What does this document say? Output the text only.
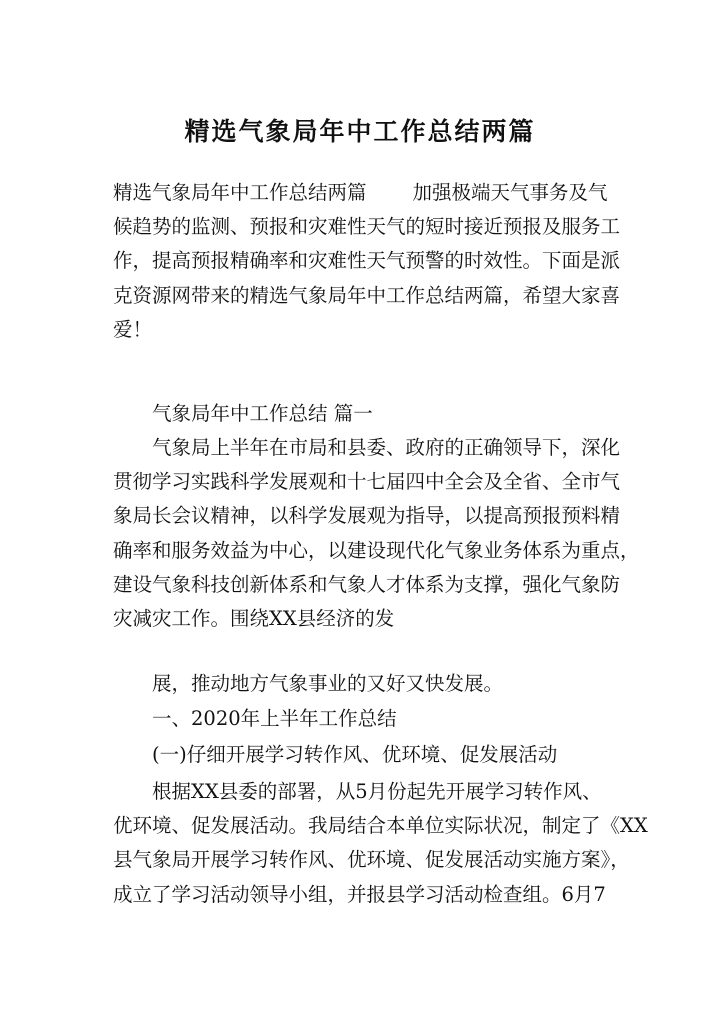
精选气象局年中工作总结两篇
精选气象局年中工作总结两篇 加强极端天气事务及气
候趋势的监测、预报和灾难性天气的短时接近预报及服务工
作，提高预报精确率和灾难性天气预警的时效性。下面是派
克资源网带来的精选气象局年中工作总结两篇，希望大家喜
爱！
气象局年中工作总结 篇一
气象局上半年在市局和县委、政府的正确领导下，深化
贯彻学习实践科学发展观和十七届四中全会及全省、全市气
象局长会议精神，以科学发展观为指导，以提高预报预料精
确率和服务效益为中心，以建设现代化气象业务体系为重点，
建设气象科技创新体系和气象人才体系为支撑，强化气象防
灾减灾工作。围绕XX县经济的发
展，推动地方气象事业的又好又快发展。
一、2020年上半年工作总结
(一)仔细开展学习转作风、优环境、促发展活动
根据XX县委的部署，从5月份起先开展学习转作风、
优环境、促发展活动。我局结合本单位实际状况，制定了《XX
县气象局开展学习转作风、优环境、促发展活动实施方案》，
成立了学习活动领导小组，并报县学习活动检查组。6月7
